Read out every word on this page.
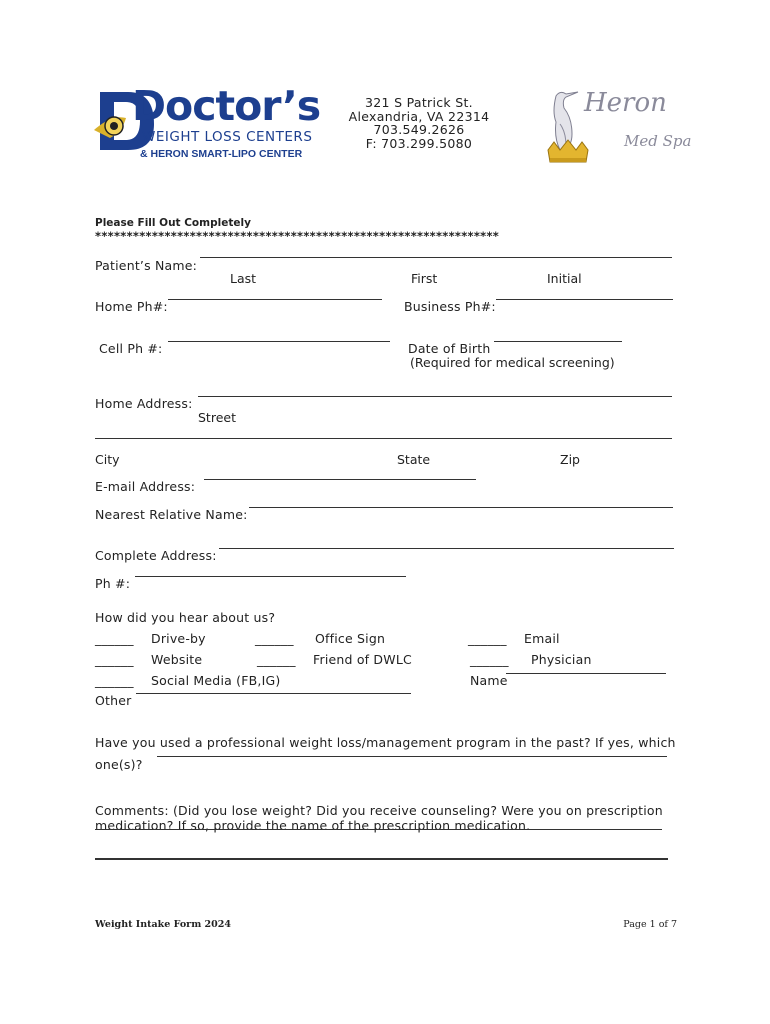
Doctor’s
WEIGHT LOSS CENTERS
& HERON SMART-LIPO CENTER
321 S Patrick St.
Alexandria, VA 22314
703.549.2626
F: 703.299.5080
Heron
Med Spa
Please Fill Out Completely
****************************************************************
Patient’s Name:
Last	First	Initial
Home Ph#:	Business Ph#:
Cell Ph #:	Date of Birth
(Required for medical screening)
Home Address:
Street
City	State	Zip
E-mail Address:
Nearest Relative Name:
Complete Address:
Ph #:
How did you hear about us?
______ Drive-by	______ Office Sign	______ Email
______ Website	______ Friend of DWLC	______ Physician
______ Social Media (FB,IG)	Name
Other
Have you used a professional weight loss/management program in the past? If yes, which
one(s)?
Comments: (Did you lose weight? Did you receive counseling? Were you on prescription
medication? If so, provide the name of the prescription medication.
Weight Intake Form 2024	Page 1 of 7
